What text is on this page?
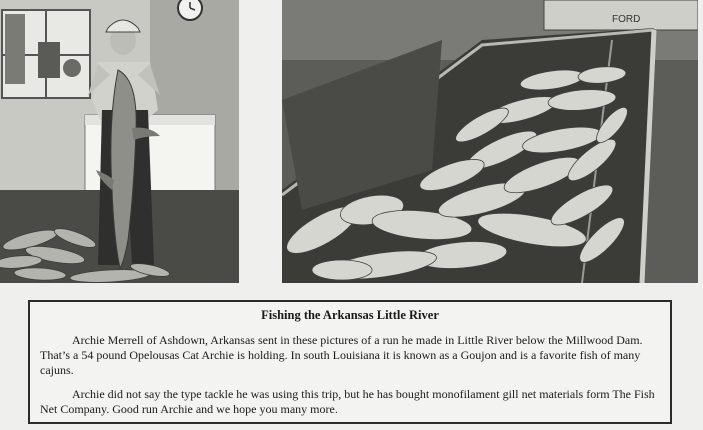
FORD
Fishing the Arkansas Little River

Archie Merrell of Ashdown, Arkansas sent in these pictures of a run he made in Little River below the Millwood Dam. That’s a 54 pound Opelousas Cat Archie is holding. In south Louisiana it is known as a Goujon and is a favorite fish of many cajuns.

Archie did not say the type tackle he was using this trip, but he has bought monofilament gill net materials form The Fish Net Company. Good run Archie and we hope you many more.
